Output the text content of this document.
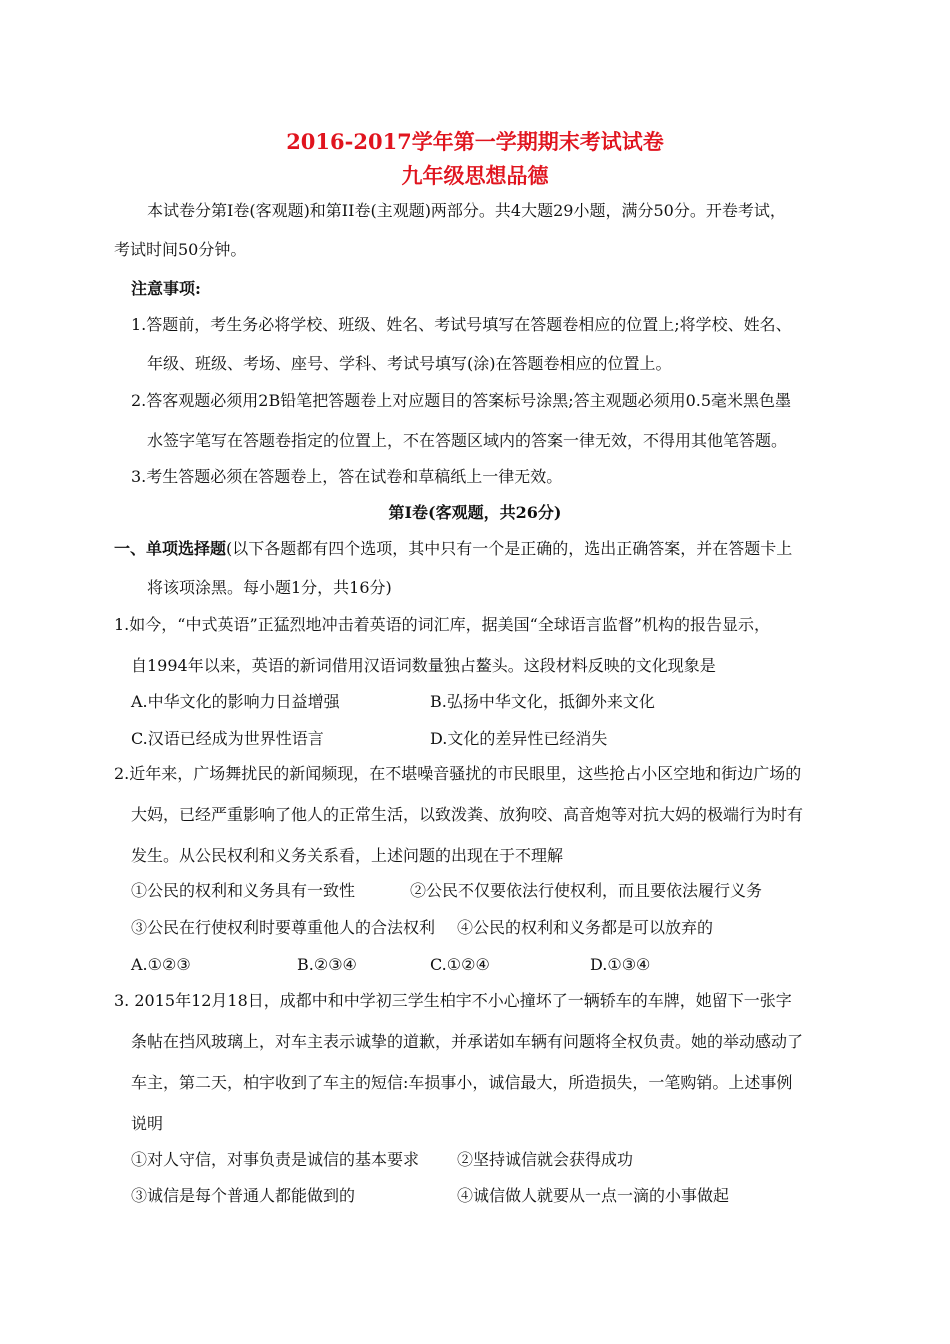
2016-2017学年第一学期期末考试试卷
九年级思想品德
本试卷分第Ⅰ卷(客观题)和第II卷(主观题)两部分。共4大题29小题，满分50分。开卷考试，
考试时间50分钟。
注意事项:
1.答题前，考生务必将学校、班级、姓名、考试号填写在答题卷相应的位置上;将学校、姓名、
年级、班级、考场、座号、学科、考试号填写(涂)在答题卷相应的位置上。
2.答客观题必须用2B铅笔把答题卷上对应题目的答案标号涂黑;答主观题必须用0.5毫米黑色墨
水签字笔写在答题卷指定的位置上，不在答题区域内的答案一律无效，不得用其他笔答题。
3.考生答题必须在答题卷上，答在试卷和草稿纸上一律无效。
第Ⅰ卷(客观题，共26分)
一、单项选择题(以下各题都有四个选项，其中只有一个是正确的，选出正确答案，并在答题卡上
将该项涂黑。每小题1分，共16分)
1.如今，“中式英语”正猛烈地冲击着英语的词汇库，据美国“全球语言监督”机构的报告显示，
自1994年以来，英语的新词借用汉语词数量独占鳌头。这段材料反映的文化现象是
A.中华文化的影响力日益增强	B.弘扬中华文化，抵御外来文化
C.汉语已经成为世界性语言	D.文化的差异性已经消失
2.近年来，广场舞扰民的新闻频现，在不堪噪音骚扰的市民眼里，这些抢占小区空地和街边广场的
大妈，已经严重影响了他人的正常生活，以致泼粪、放狗咬、高音炮等对抗大妈的极端行为时有
发生。从公民权利和义务关系看，上述问题的出现在于不理解
①公民的权利和义务具有一致性	②公民不仅要依法行使权利，而且要依法履行义务
③公民在行使权利时要尊重他人的合法权利 ④公民的权利和义务都是可以放弃的
A.①②③	B.②③④	C.①②④	D.①③④
3. 2015年12月18日，成都中和中学初三学生柏宇不小心撞坏了一辆轿车的车牌，她留下一张字
条帖在挡风玻璃上，对车主表示诚挚的道歉，并承诺如车辆有问题将全权负责。她的举动感动了
车主，第二天，柏宇收到了车主的短信:车损事小，诚信最大，所造损失，一笔购销。上述事例
说明
①对人守信，对事负责是诚信的基本要求 ②坚持诚信就会获得成功
③诚信是每个普通人都能做到的	④诚信做人就要从一点一滴的小事做起
